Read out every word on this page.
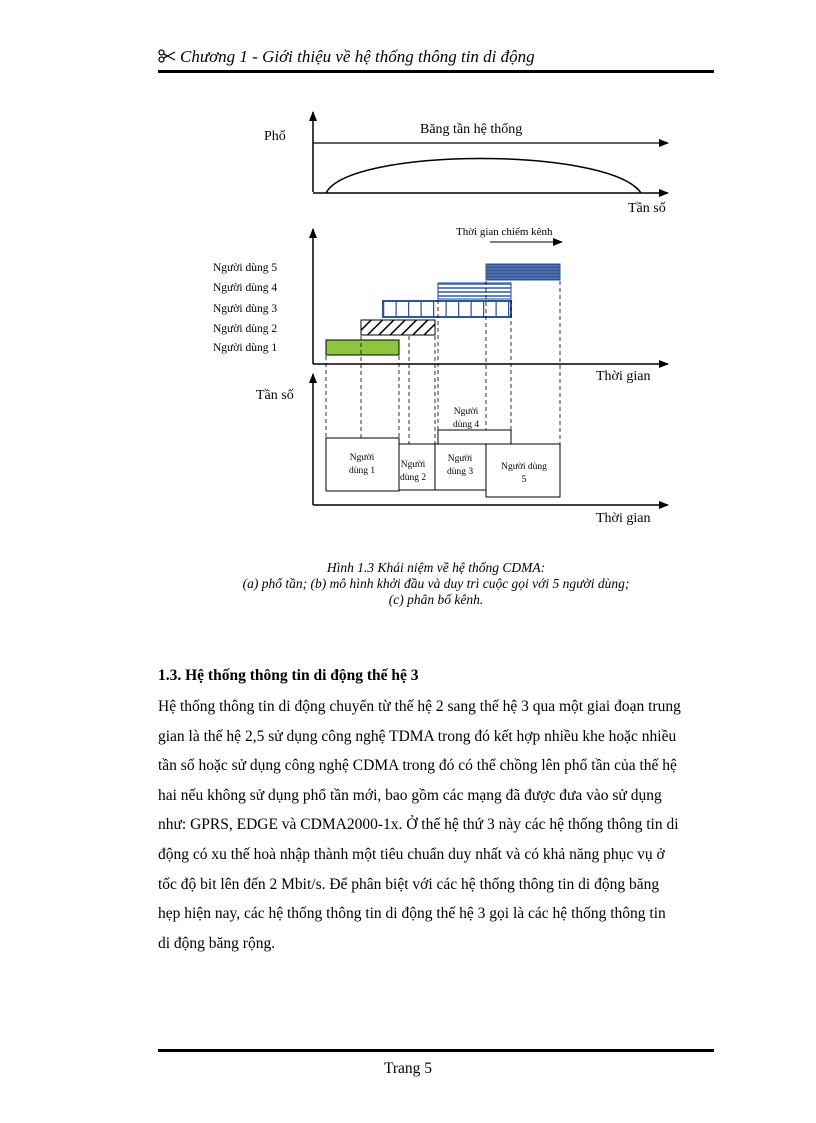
Chương 1 - Giới thiệu về hệ thống thông tin di động
Phổ	Băng tần hệ thống
Tần số
Thời gian chiếm kênh
Người dùng 5
Người dùng 4
Người dùng 3
Người dùng 2
Người dùng 1
Thời gian
Tần số
Thời gian
Người
dùng 4
Người
dùng 1
Người
dùng 2
Người
dùng 3	Người dùng
5
Hình 1.3 Khái niệm về hệ thống CDMA:
(a) phổ tần; (b) mô hình khởi đầu và duy trì cuộc gọi với 5 người dùng;
(c) phân bố kênh.
1.3. Hệ thống thông tin di động thế hệ 3
Hệ thống thông tin di động chuyển từ thế hệ 2 sang thế hệ 3 qua một giai đoạn trung
gian là thế hệ 2,5 sử dụng công nghệ TDMA trong đó kết hợp nhiều khe hoặc nhiều
tần số hoặc sử dụng công nghệ CDMA trong đó có thể chồng lên phổ tần của thế hệ
hai nếu không sử dụng phổ tần mới, bao gồm các mạng đã được đưa vào sử dụng
như: GPRS, EDGE và CDMA2000-1x. Ở thế hệ thứ 3 này các hệ thống thông tin di
động có xu thế hoà nhập thành một tiêu chuẩn duy nhất và có khả năng phục vụ ở
tốc độ bit lên đến 2 Mbit/s. Để phân biệt với các hệ thống thông tin di động băng
hẹp hiện nay, các hệ thống thông tin di động thế hệ 3 gọi là các hệ thống thông tin
di động băng rộng.
Trang 5
